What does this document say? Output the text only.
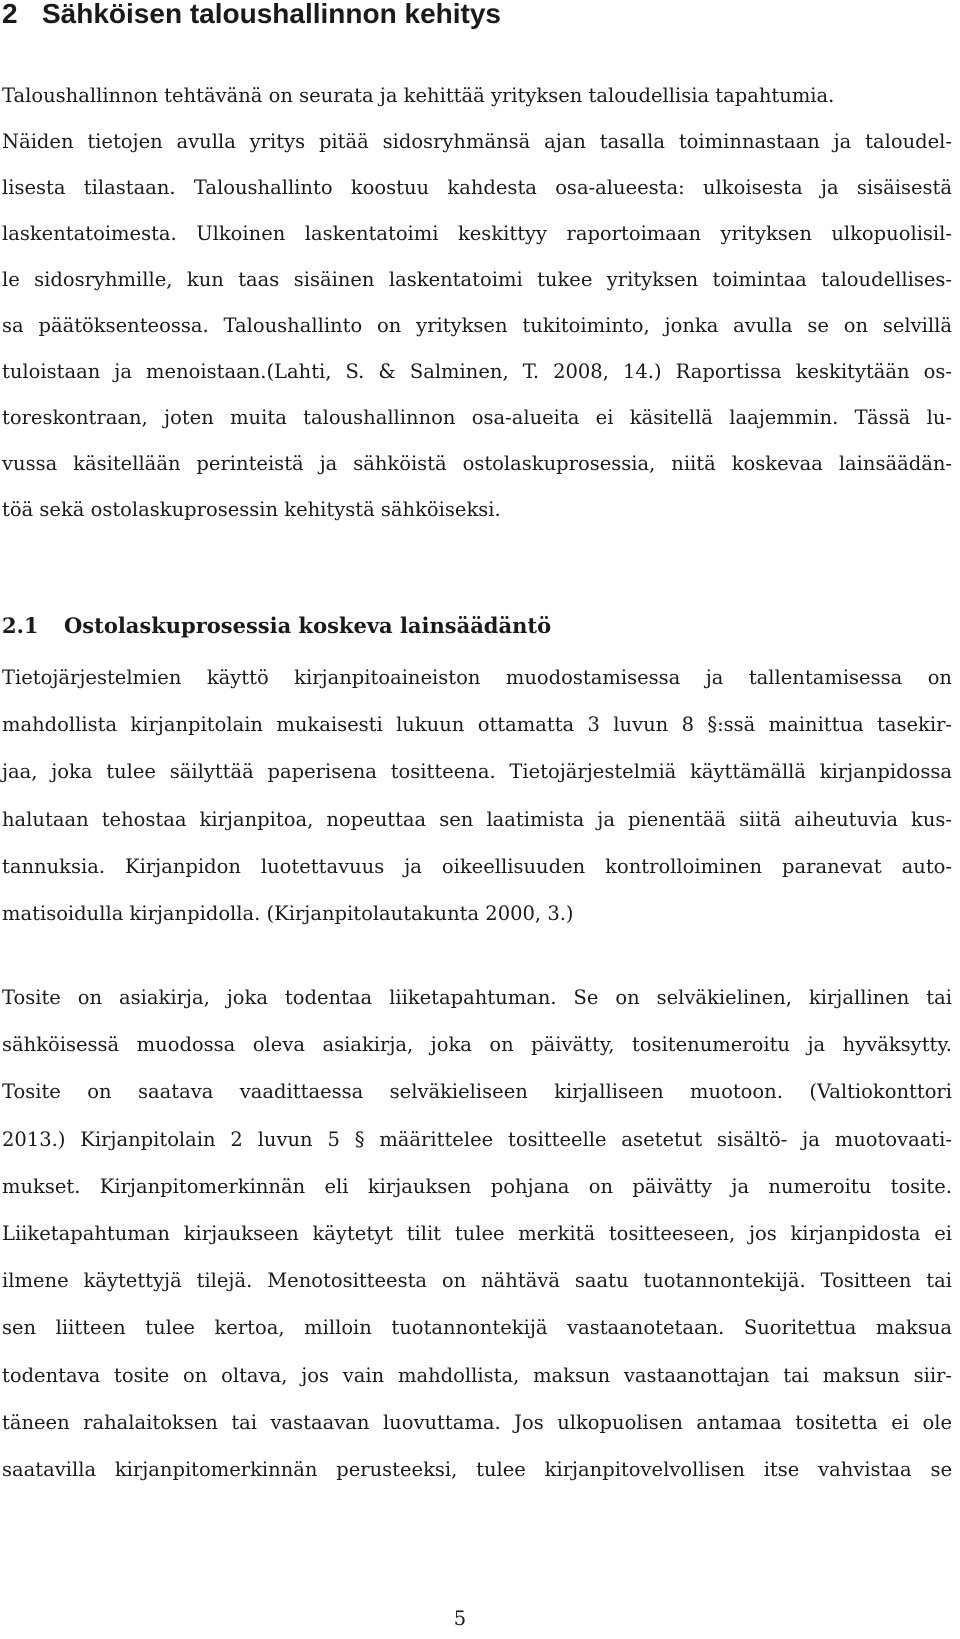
2 Sähköisen taloushallinnon kehitys
Taloushallinnon tehtävänä on seurata ja kehittää yrityksen taloudellisia tapahtumia.
Näiden tietojen avulla yritys pitää sidosryhmänsä ajan tasalla toiminnastaan ja taloudel-
lisesta tilastaan. Taloushallinto koostuu kahdesta osa-alueesta: ulkoisesta ja sisäisestä
laskentatoimesta. Ulkoinen laskentatoimi keskittyy raportoimaan yrityksen ulkopuolisil-
le sidosryhmille, kun taas sisäinen laskentatoimi tukee yrityksen toimintaa taloudellises-
sa päätöksenteossa. Taloushallinto on yrityksen tukitoiminto, jonka avulla se on selvillä
tuloistaan ja menoistaan.(Lahti, S. & Salminen, T. 2008, 14.) Raportissa keskitytään os-
toreskontraan, joten muita taloushallinnon osa-alueita ei käsitellä laajemmin. Tässä lu-
vussa käsitellään perinteistä ja sähköistä ostolaskuprosessia, niitä koskevaa lainsäädän-
töä sekä ostolaskuprosessin kehitystä sähköiseksi.
2.1 Ostolaskuprosessia koskeva lainsäädäntö
Tietojärjestelmien käyttö kirjanpitoaineiston muodostamisessa ja tallentamisessa on
mahdollista kirjanpitolain mukaisesti lukuun ottamatta 3 luvun 8 §:ssä mainittua tasekir-
jaa, joka tulee säilyttää paperisena tositteena. Tietojärjestelmiä käyttämällä kirjanpidossa
halutaan tehostaa kirjanpitoa, nopeuttaa sen laatimista ja pienentää siitä aiheutuvia kus-
tannuksia. Kirjanpidon luotettavuus ja oikeellisuuden kontrolloiminen paranevat auto-
matisoidulla kirjanpidolla. (Kirjanpitolautakunta 2000, 3.)
Tosite on asiakirja, joka todentaa liiketapahtuman. Se on selväkielinen, kirjallinen tai
sähköisessä muodossa oleva asiakirja, joka on päivätty, tositenumeroitu ja hyväksytty.
Tosite on saatava vaadittaessa selväkieliseen kirjalliseen muotoon. (Valtiokonttori
2013.) Kirjanpitolain 2 luvun 5 § määrittelee tositteelle asetetut sisältö- ja muotovaati-
mukset. Kirjanpitomerkinnän eli kirjauksen pohjana on päivätty ja numeroitu tosite.
Liiketapahtuman kirjaukseen käytetyt tilit tulee merkitä tositteeseen, jos kirjanpidosta ei
ilmene käytettyjä tilejä. Menotositteesta on nähtävä saatu tuotannontekijä. Tositteen tai
sen liitteen tulee kertoa, milloin tuotannontekijä vastaanotetaan. Suoritettua maksua
todentava tosite on oltava, jos vain mahdollista, maksun vastaanottajan tai maksun siir-
täneen rahalaitoksen tai vastaavan luovuttama. Jos ulkopuolisen antamaa tositetta ei ole
saatavilla kirjanpitomerkinnän perusteeksi, tulee kirjanpitovelvollisen itse vahvistaa se
5
